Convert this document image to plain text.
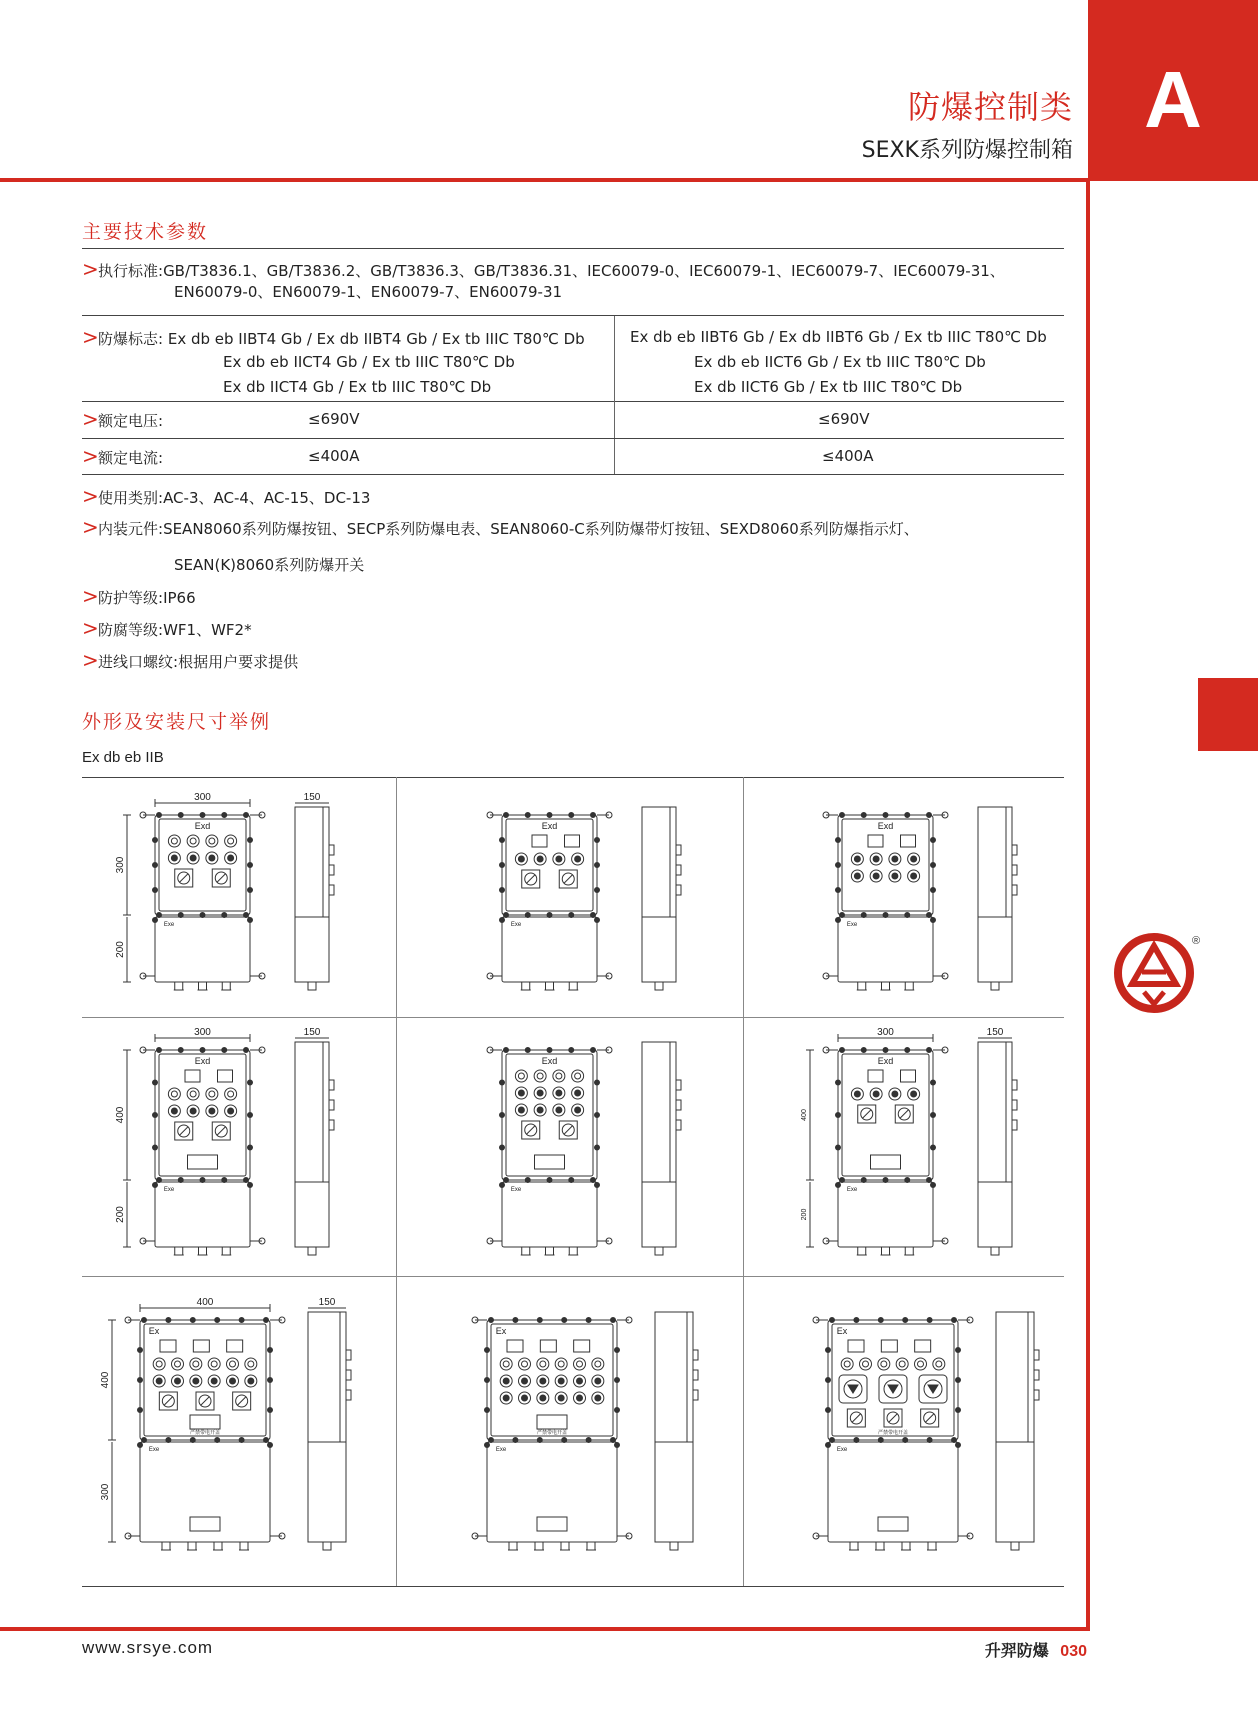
A
防爆控制类
SEXK系列防爆控制箱
®
主要技术参数
>执行标准:GB/T3836.1、GB/T3836.2、GB/T3836.3、GB/T3836.31、IEC60079-0、IEC60079-1、IEC60079-7、IEC60079-31、
EN60079-0、EN60079-1、EN60079-7、EN60079-31
>防爆标志: Ex db eb IIBT4 Gb / Ex db IIBT4 Gb / Ex tb IIIC T80℃ Db
Ex db eb IICT4 Gb / Ex tb IIIC T80℃ Db
Ex db IICT4 Gb / Ex tb IIIC T80℃ Db
Ex db eb IIBT6 Gb / Ex db IIBT6 Gb / Ex tb IIIC T80℃ Db
Ex db eb IICT6 Gb / Ex tb IIIC T80℃ Db
Ex db IICT6 Gb / Ex tb IIIC T80℃ Db
>额定电压:	≤690V	≤690V
>额定电流:	≤400A	≤400A
>使用类别:AC-3、AC-4、AC-15、DC-13
>内装元件:SEAN8060系列防爆按钮、SECP系列防爆电表、SEAN8060-C系列防爆带灯按钮、SEXD8060系列防爆指示灯、
SEAN(K)8060系列防爆开关
>防护等级:IP66
>防腐等级:WF1、WF2*
>进线口螺纹:根据用户要求提供
外形及安装尺寸举例
Ex db eb IIB
Exd
Exe
300	150
300
200
Exd
Exe
Exd
Exe
Exd
Exe
300	150
400
200
Exd
Exe
Exd
Exe
300	150
400
200
Ex
严禁带电开盖
Exe
400	150
400
300
Ex
严禁带电开盖
Exe
Ex
严禁带电开盖
Exe
www.srsye.com	升羿防爆 030
